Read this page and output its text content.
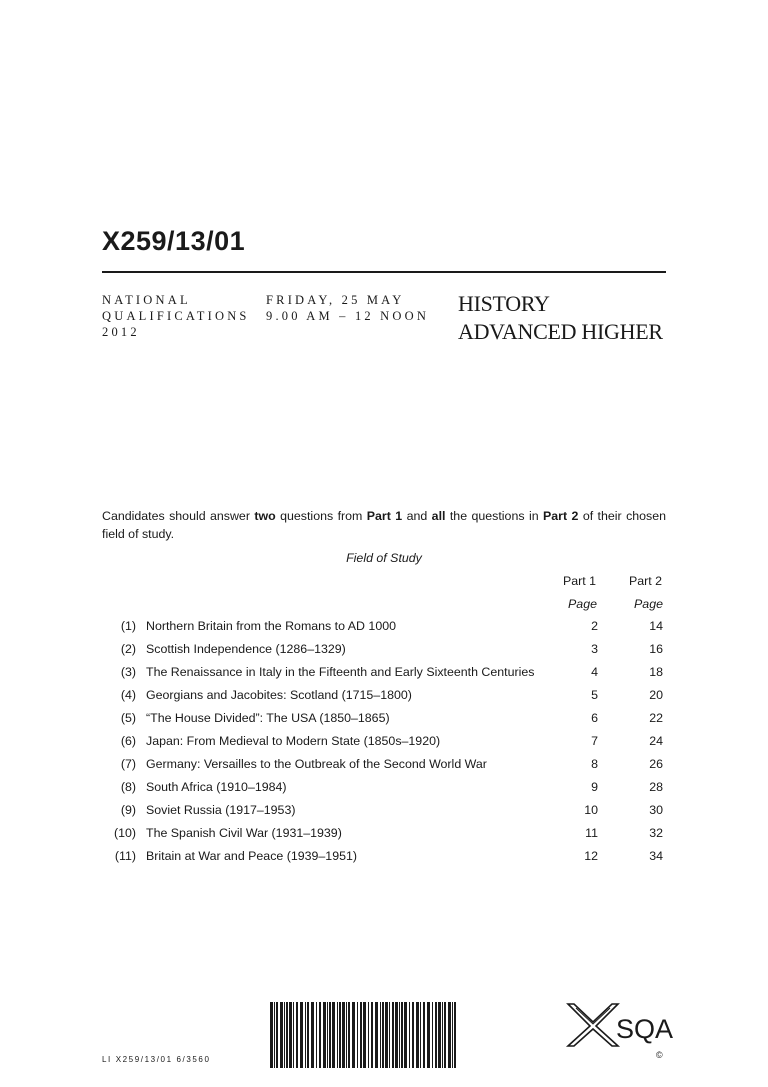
X259/13/01
NATIONAL
QUALIFICATIONS
2012
FRIDAY, 25 MAY
9.00 AM – 12 NOON HISTORY
ADVANCED HIGHER
Candidates should answer two questions from Part 1 and all the questions in Part 2 of their chosen field of study.
Field of Study
Part 1	Part 2
Page	Page
(1) Northern Britain from the Romans to AD 1000	2	14
(2) Scottish Independence (1286–1329)	3	16
(3) The Renaissance in Italy in the Fifteenth and Early Sixteenth Centuries	4	18
(4) Georgians and Jacobites: Scotland (1715–1800)	5	20
(5) “The House Divided”: The USA (1850–1865)	6	22
(6) Japan: From Medieval to Modern State (1850s–1920)	7	24
(7) Germany: Versailles to the Outbreak of the Second World War	8	26
(8) South Africa (1910–1984)	9	28
(9) Soviet Russia (1917–1953)	10	30
(10) The Spanish Civil War (1931–1939)	11	32
(11) Britain at War and Peace (1939–1951)	12	34
SQA
©
LI X259/13/01 6/3560
